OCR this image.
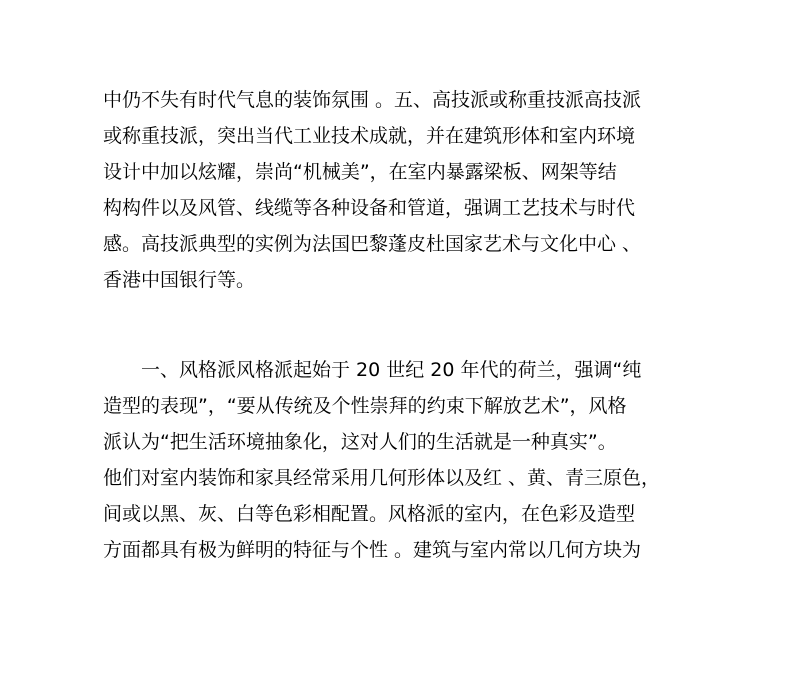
中仍不失有时代气息的装饰氛围 。五、高技派或称重技派高技派
或称重技派，突出当代工业技术成就，并在建筑形体和室内环境
设计中加以炫耀，崇尚“机械美”，在室内暴露梁板、网架等结
构构件以及风管、线缆等各种设备和管道，强调工艺技术与时代
感。高技派典型的实例为法国巴黎蓬皮杜国家艺术与文化中心 、
香港中国银行等。
　　一、风格派风格派起始于 20 世纪 20 年代的荷兰，强调“纯
造型的表现”，“要从传统及个性崇拜的约束下解放艺术”，风格
派认为“把生活环境抽象化，这对人们的生活就是一种真实”。
他们对室内装饰和家具经常采用几何形体以及红 、黄、青三原色，
间或以黑、灰、白等色彩相配置。风格派的室内，在色彩及造型
方面都具有极为鲜明的特征与个性 。建筑与室内常以几何方块为
